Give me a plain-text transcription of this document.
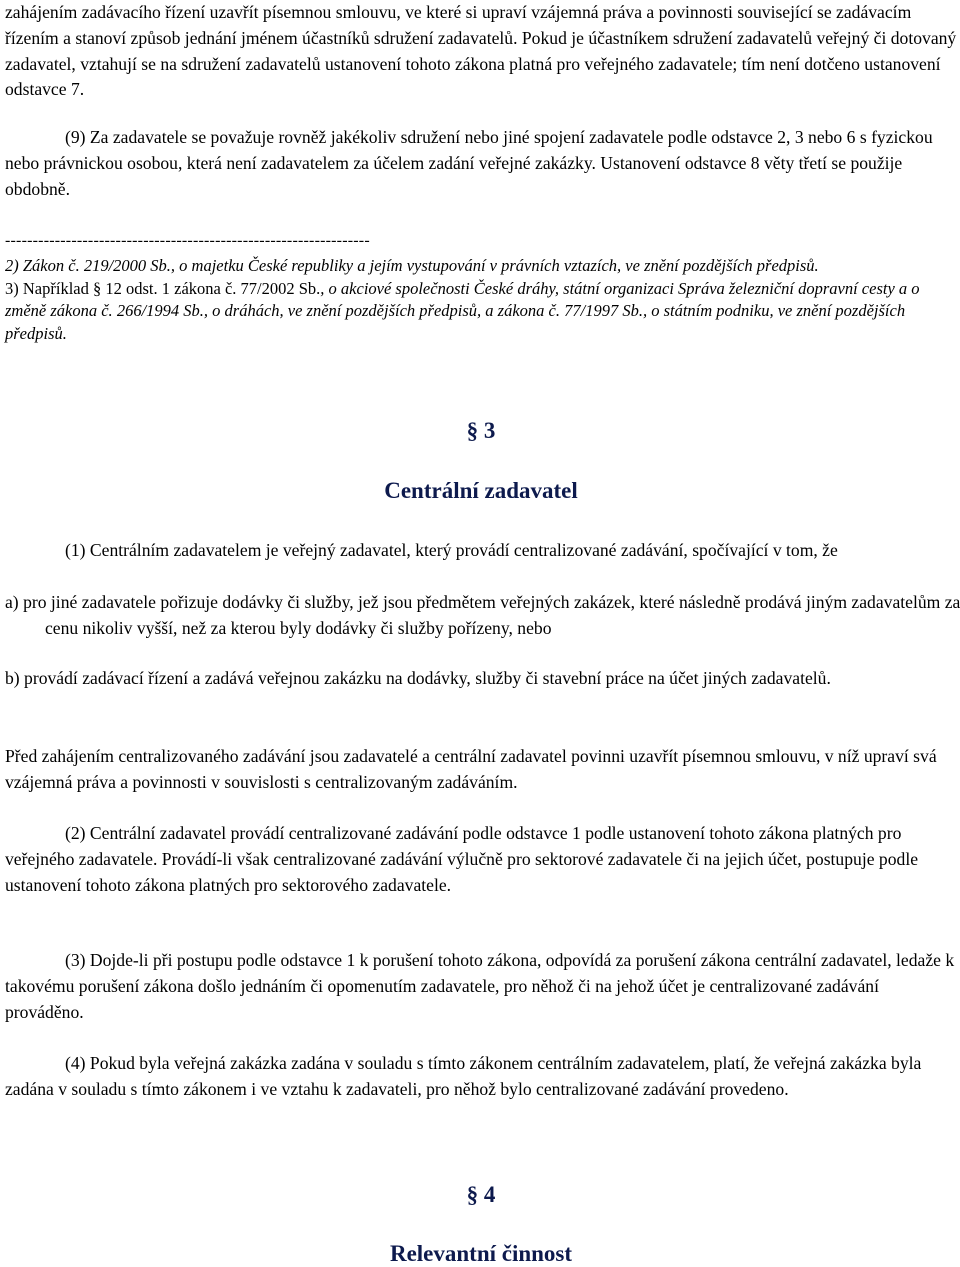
zahájením zadávacího řízení uzavřít písemnou smlouvu, ve které si upraví vzájemná práva a povinnosti související se zadávacím řízením a stanoví způsob jednání jménem účastníků sdružení zadavatelů. Pokud je účastníkem sdružení zadavatelů veřejný či dotovaný zadavatel, vztahují se na sdružení zadavatelů ustanovení tohoto zákona platná pro veřejného zadavatele; tím není dotčeno ustanovení odstavce 7.

(9) Za zadavatele se považuje rovněž jakékoliv sdružení nebo jiné spojení zadavatele podle odstavce 2, 3 nebo 6 s fyzickou nebo právnickou osobou, která není zadavatelem za účelem zadání veřejné zakázky. Ustanovení odstavce 8 věty třetí se použije obdobně.

------------------------------------------------------------------

2) Zákon č. 219/2000 Sb., o majetku České republiky a jejím vystupování v právních vztazích, ve znění pozdějších předpisů.

3) Například § 12 odst. 1 zákona č. 77/2002 Sb., o akciové společnosti České dráhy, státní organizaci Správa železniční dopravní cesty a o změně zákona č. 266/1994 Sb., o dráhách, ve znění pozdějších předpisů, a zákona č. 77/1997 Sb., o státním podniku, ve znění pozdějších předpisů.

§ 3
Centrální zadavatel

(1) Centrálním zadavatelem je veřejný zadavatel, který provádí centralizované zadávání, spočívající v tom, že

a) pro jiné zadavatele pořizuje dodávky či služby, jež jsou předmětem veřejných zakázek, které následně prodává jiným zadavatelům za cenu nikoliv vyšší, než za kterou byly dodávky či služby pořízeny, nebo

b) provádí zadávací řízení a zadává veřejnou zakázku na dodávky, služby či stavební práce na účet jiných zadavatelů.

Před zahájením centralizovaného zadávání jsou zadavatelé a centrální zadavatel povinni uzavřít písemnou smlouvu, v níž upraví svá vzájemná práva a povinnosti v souvislosti s centralizovaným zadáváním.

(2) Centrální zadavatel provádí centralizované zadávání podle odstavce 1 podle ustanovení tohoto zákona platných pro veřejného zadavatele. Provádí-li však centralizované zadávání výlučně pro sektorové zadavatele či na jejich účet, postupuje podle ustanovení tohoto zákona platných pro sektorového zadavatele.

(3) Dojde-li při postupu podle odstavce 1 k porušení tohoto zákona, odpovídá za porušení zákona centrální zadavatel, ledaže k takovému porušení zákona došlo jednáním či opomenutím zadavatele, pro něhož či na jehož účet je centralizované zadávání prováděno.

(4) Pokud byla veřejná zakázka zadána v souladu s tímto zákonem centrálním zadavatelem, platí, že veřejná zakázka byla zadána v souladu s tímto zákonem i ve vztahu k zadavateli, pro něhož bylo centralizované zadávání provedeno.

§ 4
Relevantní činnost
